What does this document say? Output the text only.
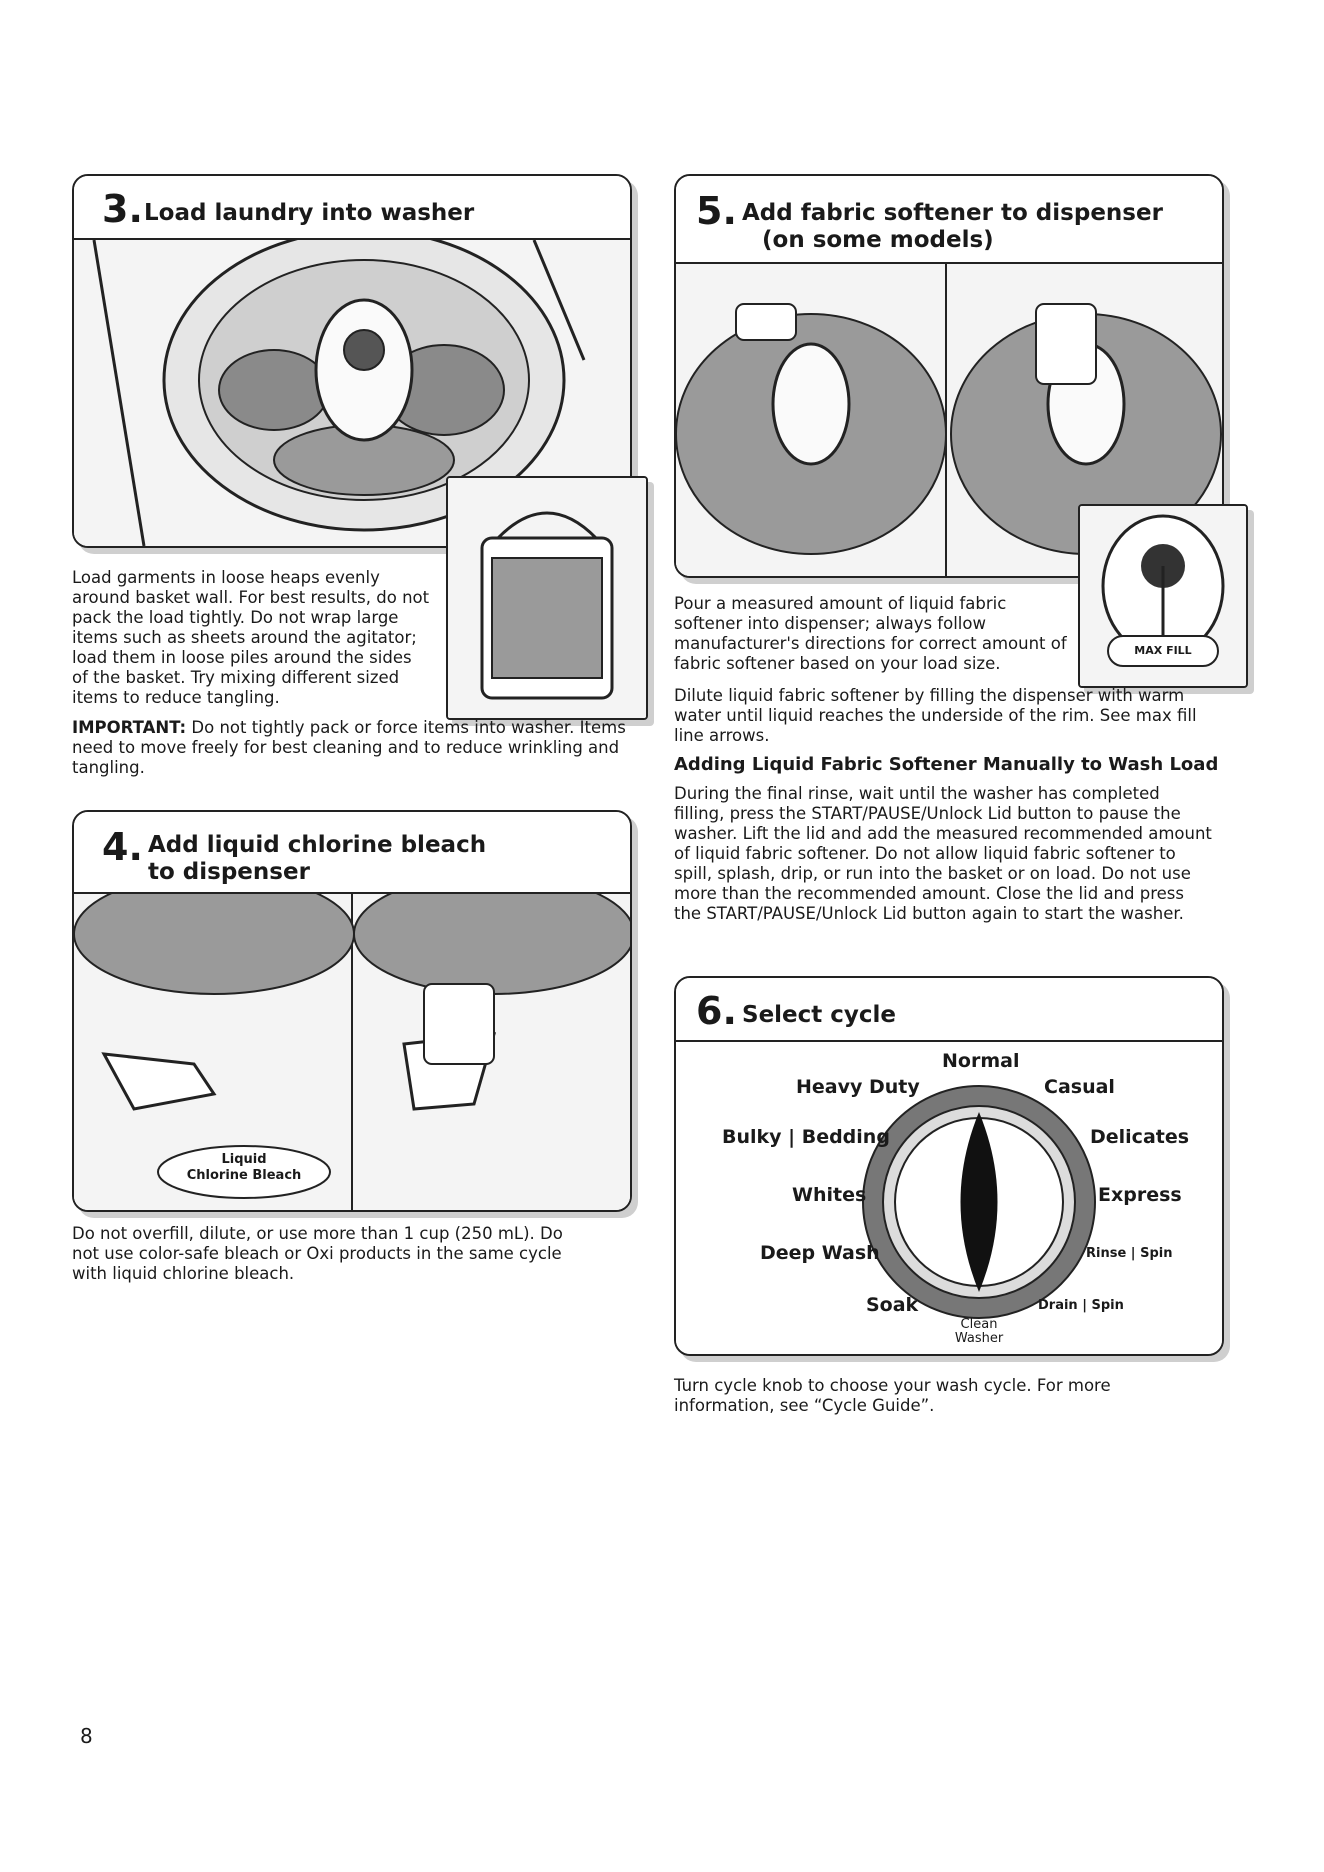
3. Load laundry into washer
Load garments in loose heaps evenly around basket wall. For best results, do not pack the load tightly. Do not wrap large items such as sheets around the agitator; load them in loose piles around the sides of the basket. Try mixing different sized items to reduce tangling.
IMPORTANT: Do not tightly pack or force items into washer. Items need to move freely for best cleaning and to reduce wrinkling and tangling.
4. Add liquid chlorine bleach
to dispenser
Liquid
Chlorine Bleach
Do not overfill, dilute, or use more than 1 cup (250 mL). Do not use color-safe bleach or Oxi products in the same cycle with liquid chlorine bleach.
5. Add fabric softener to dispenser
(on some models)
MAX FILL
Pour a measured amount of liquid fabric softener into dispenser; always follow manufacturer's directions for correct amount of fabric softener based on your load size.
Dilute liquid fabric softener by filling the dispenser with warm water until liquid reaches the underside of the rim. See max fill line arrows.
Adding Liquid Fabric Softener Manually to Wash Load
During the final rinse, wait until the washer has completed filling, press the START/PAUSE/Unlock Lid button to pause the washer. Lift the lid and add the measured recommended amount of liquid fabric softener. Do not allow liquid fabric softener to spill, splash, drip, or run into the basket or on load. Do not use more than the recommended amount. Close the lid and press the START/PAUSE/Unlock Lid button again to start the washer.
6. Select cycle
Normal
Heavy Duty	Casual
Bulky | Bedding	Delicates
Whites	Express
Deep Wash	Rinse | Spin
Soak	Drain | Spin
Clean
Washer
Turn cycle knob to choose your wash cycle. For more information, see “Cycle Guide”.
8
